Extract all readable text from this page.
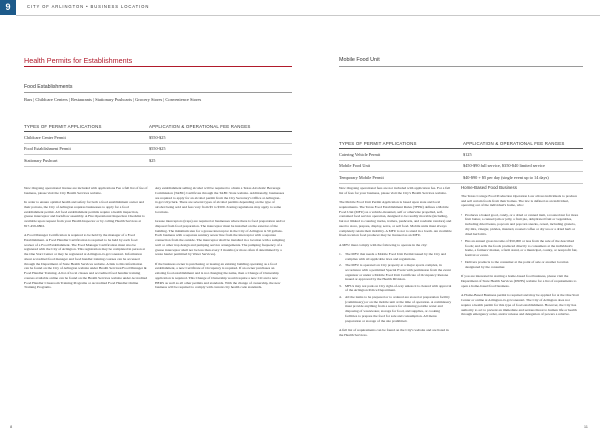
9	CITY OF ARLINGTON • BUSINESS LOCATION
Health Permits for Establishments
Food Establishments
Bars | Childcare Centers | Restaurants | Stationary Pushcarts | Grocery Stores | Convenience Stores
TYPES OF PERMIT APPLICATIONS	APPLICATION & OPERATIONAL FEE RANGES
Childcare Center Permit	$550-$25
Food Establishment Permit	$550-$25
Stationary Pushcart	$25

New Ongoing operational license are included with applications Fee a full list of fee of business, please visit the City Health Services website.

In order to ensure optimal health and safety for both a food establishment owner and their patrons, the City of Arlington requires businesses to apply for a food establishment permit. All food establishment permits require a health inspection, grease interceptor and backflow assembly. A Fire Operational Inspection Checklist is available upon request from your Health Inspector or by calling Health Services at 817-459-6802.

A Food Manager Certification is required to be held by the manager of a Food Establishment. A Food Handler Certification is required to be held by each food worker of a Food Establishment. The Food Manager Certification must also be registered with the City of Arlington. This registration may be completed in person at the One Start Center or may be registered at Arlington-tx.gov/onestart. Information about accredited food manager and food handler training courses can be accessed through the Department of State Health Services website. A link to this information can be found on the City of Arlington website under Health Services/Food Manager & Food Handler Training. A list of local classes and accredited food handler training courses available online can be found on the Health Services website under Accredited Food Handler Classroom Training Programs or Accredited Food Handler Online Training Programs.

Any establishment selling alcohol will be required to obtain a Texas Alcoholic Beverage Commission (TABC) Certificate through the TABC State website. Additionally, businesses are required to apply for an alcohol permit from the City Secretary's Office at Arlington-tx.gov/cityclerk. There are several types of alcohol permits depending on the type of alcohol being sold and fees vary from $5 to $500. Zoning regulations may apply to some locations.

Grease interceptors (traps) are required at businesses where there is food preparation and/or disposal from food preparation. The interceptor must be installed on the exterior of the building. The minimum size for a grease interceptor in the City of Arlington is 50 gallons. Each business with a separate sanitary sewer line from the interceptor with a separate connection from the outside. The interceptor shall be installed in a location with a sampling well or other trap design and pumping service arrangements. The pumping frequency of a grease interceptor shall not be less than every 3 months (or more often if determined by a waste hauler permitted by Water Services).

If the business owner is purchasing or leasing an existing building operating as a food establishment, a new Certificate of Occupancy is required. If an owner purchases an existing food establishment and is not changing the name, then a Change of Ownership application is required. This Change of Ownership would require a new CO and a new HERS as well as all other permits and standards. With the change of ownership, the new business will be required to comply with current city health code standards.

Mobile Food Unit
TYPES OF PERMIT APPLICATIONS	APPLICATION & OPERATIONAL FEE RANGES
Catering Vehicle Permit	$125
Mobile Food Unit	$450-$90 full service, $350-$40 limited service
Temporary Mobile Permit	$40-$90 + $5 per day (single event up to 14 days)

New Ongoing operational fees are not included with application fee. For a full list of fees for your business, please visit the City's Health Services website.

The Mobile Food Unit Permit Application is based upon state and local requirements. The Texas Food Establishment Rules (TFER) defines a Mobile Food Unit (MFU) as a vehicle-mounted, self or otherwise propelled, self-contained food service operation, designed to be readily movable (including, but not limited to catering trucks, trailers, pushcarts, and roadside vendors) and used to store, prepare, display, serve, or sell food. Mobile units must always completely retain their mobility. A MFU is not to stand in a booth. An available fixed-location food producer may be licensed as an MFU.

A MFU must comply with the following to operate in the city:

1. The MFU that needs a Mobile Food Unit Permit issued by the City and complies with all applicable laws and regulations.
2. The MFU is operated on City property at a major sports complex, in accordance with a permitted Special Event with permission from the event organizer or under a Mobile Food Unit Certificate of Occupancy Rezone issued or approved by the Health Division.
3. MFUs may not park on City right-of-way unless it is cleared with approval of the Arlington Police Department.
4. All the items to be prepared or to ordered are stored at preparation facility (commissary) or on the mobile unit at the time of operation. A commissary must provide anything from a source for obtaining potable water and disposing of wastewater, storage for food, and supplies, or cooking facilities to prepare the food for sale and consumption. All menu preparation or storage of the site prohibited.

A full list of requirements can be found on the City's website and are listed in the Health Services.

Home-Based Food Business

The Texas Cottage Food Production Operation Law allows individuals to produce and sell certain foods from their homes. The law is defined as an individual, operating out of the individual's home, who:

• Produces a baked good, candy, or a dried or canned item, a roasted nut for more fruit butter, a canned jam or jelly, a fruit pie, dehydrated fruit or vegetables, including dried beans, popcorn and popcorn snacks, cereal, including granola, dry mix, vinegar, pickles, mustard, roasted coffee or dry tea or a dried herb or dried herb mix.
• Has an annual gross income of $50,000 or less from the sale of the described foods; and sells the foods produced directly to consumers at the individual's home, a farmers' market, a farm stand, or a municipal, county, or nonprofit fair, festival or event.
• Delivers products to the consumer at the point of sale or another location designated by the consumer.

If you are interested in starting a home-based food business, please visit the Department of State Health Services (DSHS) website for a list of requirements to open a home-based food business.

A Home-Based Business permit is required and may be applied for at the One Start Center or online at Arlington-tx.gov/onestart. The City of Arlington does not require a health permit for this type of food establishment. However, the City has authority to act to prevent an immediate and serious threat to human life or health through emergency order, and/or release and delegation of powers a relative.

8	11
